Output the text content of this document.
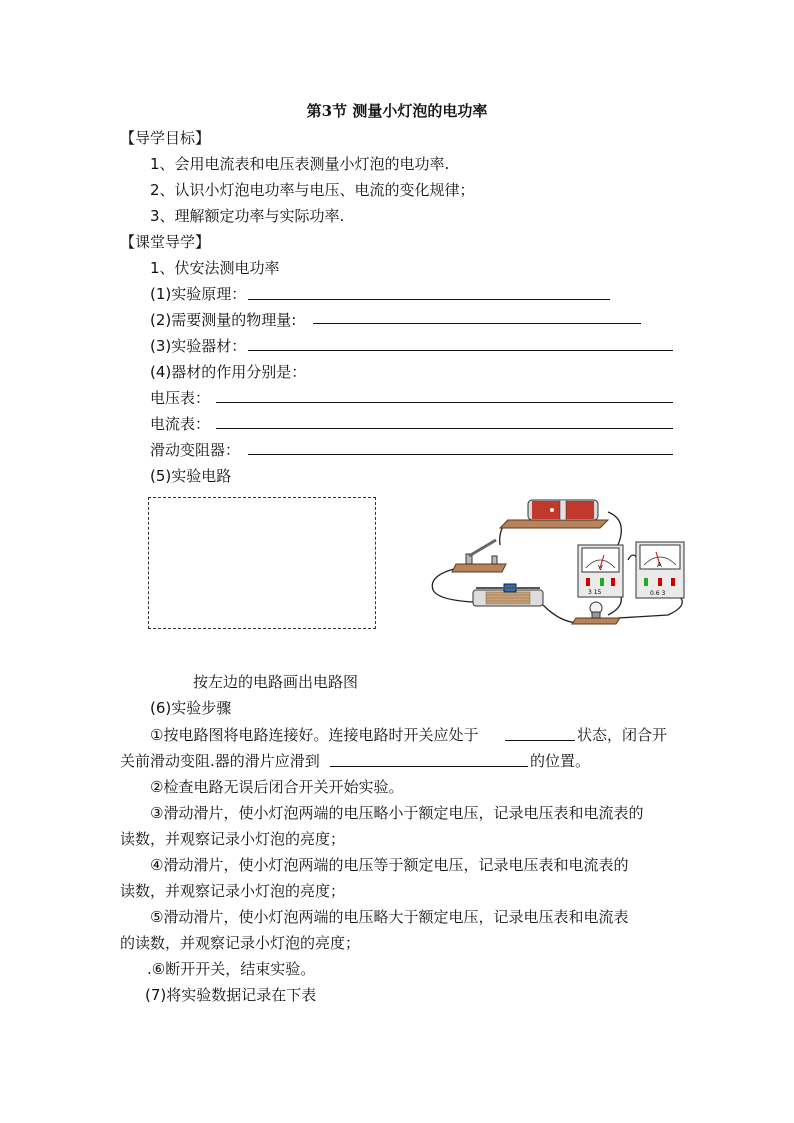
第3节 测量小灯泡的电功率
【导学目标】
1、会用电流表和电压表测量小灯泡的电功率.
2、认识小灯泡电功率与电压、电流的变化规律；
3、理解额定功率与实际功率.
【课堂导学】
1、伏安法测电功率
(1)实验原理：
(2)需要测量的物理量:
(3)实验器材：
(4)器材的作用分别是：
电压表：
电流表：
滑动变阻器：
(5)实验电路
V
3 15
A
0.6 3
按左边的电路画出电路图
(6)实验步骤
①按电路图将电路连接好。连接电路时开关应处于	状态，闭合开
关前滑动变阻.器的滑片应滑到	的位置。
②检查电路无误后闭合开关开始实验。
③滑动滑片，使小灯泡两端的电压略小于额定电压，记录电压表和电流表的
读数，并观察记录小灯泡的亮度；
④滑动滑片，使小灯泡两端的电压等于额定电压，记录电压表和电流表的
读数，并观察记录小灯泡的亮度；
⑤滑动滑片，使小灯泡两端的电压略大于额定电压，记录电压表和电流表
的读数，并观察记录小灯泡的亮度；
.⑥断开开关，结束实验。
(7)将实验数据记录在下表
